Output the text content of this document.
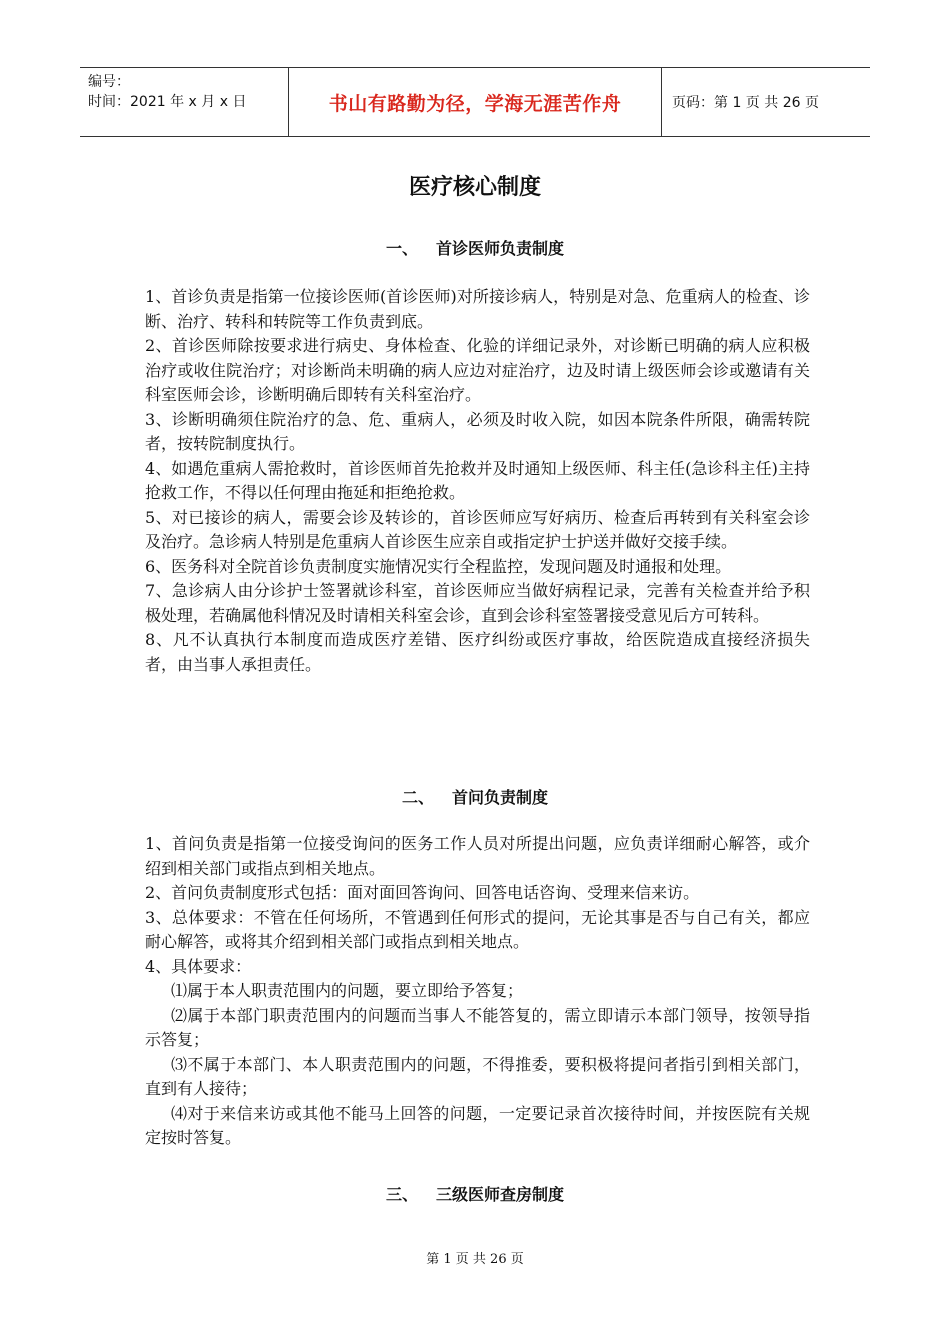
编号：
时间：2021 年 x 月 x 日	书山有路勤为径，学海无涯苦作舟	页码：第 1 页 共 26 页
医疗核心制度
一、 首诊医师负责制度

1、首诊负责是指第一位接诊医师(首诊医师)对所接诊病人，特别是对急、危重病人的检查、诊断、治疗、转科和转院等工作负责到底。

2、首诊医师除按要求进行病史、身体检查、化验的详细记录外，对诊断已明确的病人应积极治疗或收住院治疗；对诊断尚未明确的病人应边对症治疗，边及时请上级医师会诊或邀请有关科室医师会诊，诊断明确后即转有关科室治疗。

3、诊断明确须住院治疗的急、危、重病人，必须及时收入院，如因本院条件所限，确需转院者，按转院制度执行。

4、如遇危重病人需抢救时，首诊医师首先抢救并及时通知上级医师、科主任(急诊科主任)主持抢救工作，不得以任何理由拖延和拒绝抢救。

5、对已接诊的病人，需要会诊及转诊的，首诊医师应写好病历、检查后再转到有关科室会诊及治疗。急诊病人特别是危重病人首诊医生应亲自或指定护士护送并做好交接手续。

6、医务科对全院首诊负责制度实施情况实行全程监控，发现问题及时通报和处理。

7、急诊病人由分诊护士签署就诊科室，首诊医师应当做好病程记录，完善有关检查并给予积极处理，若确属他科情况及时请相关科室会诊，直到会诊科室签署接受意见后方可转科。

8、凡不认真执行本制度而造成医疗差错、医疗纠纷或医疗事故，给医院造成直接经济损失者，由当事人承担责任。

二、 首问负责制度

1、首问负责是指第一位接受询问的医务工作人员对所提出问题，应负责详细耐心解答，或介绍到相关部门或指点到相关地点。

2、首问负责制度形式包括：面对面回答询问、回答电话咨询、受理来信来访。

3、总体要求：不管在任何场所，不管遇到任何形式的提问，无论其事是否与自己有关，都应耐心解答，或将其介绍到相关部门或指点到相关地点。

4、具体要求：

⑴属于本人职责范围内的问题，要立即给予答复；

⑵属于本部门职责范围内的问题而当事人不能答复的，需立即请示本部门领导，按领导指示答复；

⑶不属于本部门、本人职责范围内的问题，不得推委，要积极将提问者指引到相关部门，直到有人接待；

⑷对于来信来访或其他不能马上回答的问题，一定要记录首次接待时间，并按医院有关规定按时答复。

三、 三级医师查房制度
第 1 页 共 26 页
